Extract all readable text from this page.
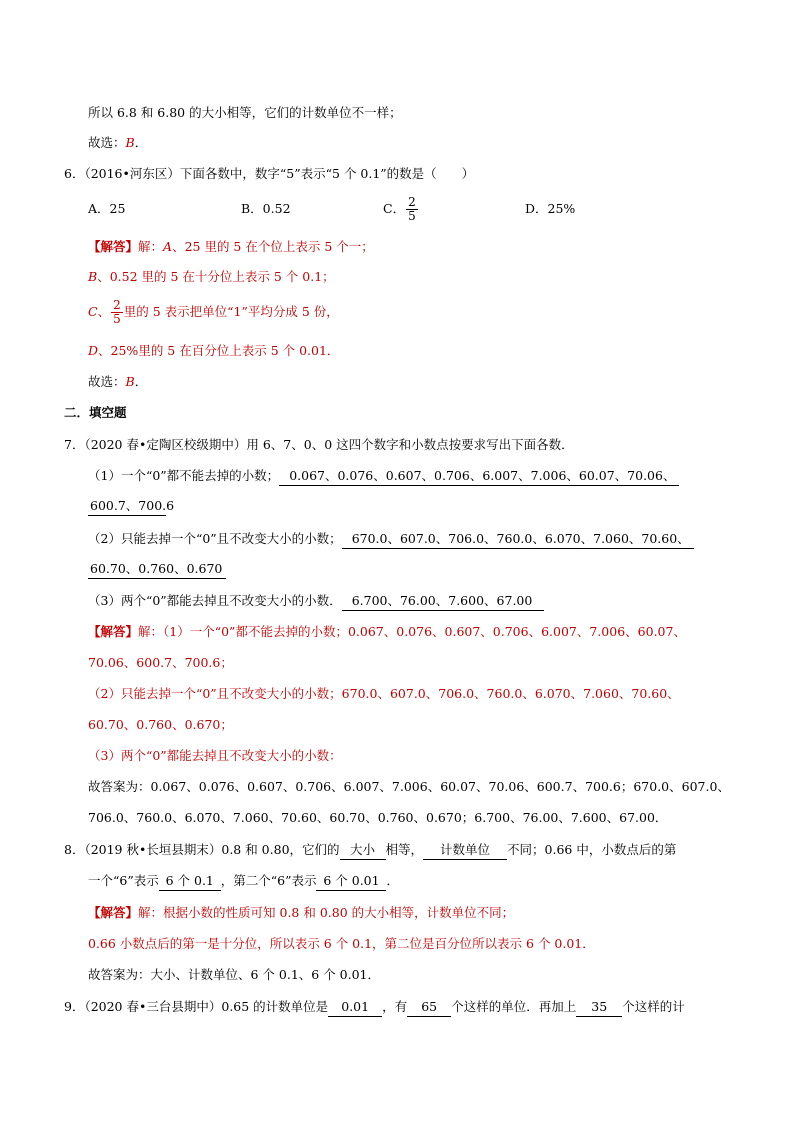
所以 6.8 和 6.80 的大小相等，它们的计数单位不一样；
故选：B．
6．（2016•河东区）下面各数中，数字“5”表示“5 个 0.1”的数是（　　）
A．25	B．0.52	C． $\frac{2}{5}$	D．25%
【解答】解：A、25 里的 5 在个位上表示 5 个一；
B、0.52 里的 5 在十分位上表示 5 个 0.1；
C、 $\frac{2}{5}$ 里的 5 表示把单位“1”平均分成 5 份，
D、25%里的 5 在百分位上表示 5 个 0.01．
故选：B．
二．填空题
7．（2020 春•定陶区校级期中）用 6、7、0、0 这四个数字和小数点按要求写出下面各数．
（1）一个“0”都不能去掉的小数； 0.067、0.076、0.607、0.706、6.007、7.006、60.07、70.06、
600.7、700.6
（2）只能去掉一个“0”且不改变大小的小数； 670.0、607.0、706.0、760.0、6.070、7.060、70.60、
60.70、0.760、0.670
（3）两个“0”都能去掉且不改变大小的小数． 6.700、76.00、7.600、67.00
【解答】解：（1）一个“0”都不能去掉的小数；0.067、0.076、0.607、0.706、6.007、7.006、60.07、
70.06、600.7、700.6；
（2）只能去掉一个“0”且不改变大小的小数；670.0、607.0、706.0、760.0、6.070、7.060、70.60、
60.70、0.760、0.670；
（3）两个“0”都能去掉且不改变大小的小数：
故答案为：0.067、0.076、0.607、0.706、6.007、7.006、60.07、70.06、600.7、700.6；670.0、607.0、
706.0、760.0、6.070、7.060、70.60、60.70、0.760、0.670；6.700、76.00、7.600、67.00．
8．（2019 秋•长垣县期末）0.8 和 0.80，它们的 大小 相等， 计数单位 不同；0.66 中，小数点后的第
一个“6”表示 6 个 0.1 ，第二个“6”表示 6 个 0.01 ．
【解答】解：根据小数的性质可知 0.8 和 0.80 的大小相等，计数单位不同；
0.66 小数点后的第一是十分位，所以表示 6 个 0.1，第二位是百分位所以表示 6 个 0.01．
故答案为：大小、计数单位、6 个 0.1、6 个 0.01．
9．（2020 春•三台县期中）0.65 的计数单位是 0.01 ，有 65 个这样的单位．再加上 35 个这样的计
